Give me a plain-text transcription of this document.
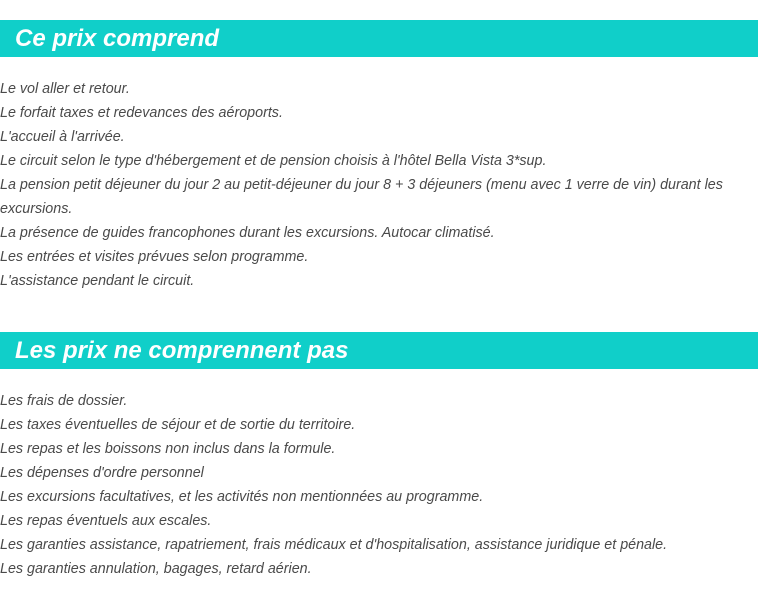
Ce prix comprend
Le vol aller et retour.
Le forfait taxes et redevances des aéroports.
L'accueil à l'arrivée.
Le circuit selon le type d'hébergement et de pension choisis à l'hôtel Bella Vista 3*sup.
La pension petit déjeuner du jour 2 au petit-déjeuner du jour 8 + 3 déjeuners (menu avec 1 verre de vin) durant les excursions.
La présence de guides francophones durant les excursions. Autocar climatisé.
Les entrées et visites prévues selon programme.
L'assistance pendant le circuit.
Les prix ne comprennent pas
Les frais de dossier.
Les taxes éventuelles de séjour et de sortie du territoire.
Les repas et les boissons non inclus dans la formule.
Les dépenses d'ordre personnel
Les excursions facultatives, et les activités non mentionnées au programme.
Les repas éventuels aux escales.
Les garanties assistance, rapatriement, frais médicaux et d'hospitalisation, assistance juridique et pénale.
Les garanties annulation, bagages, retard aérien.
